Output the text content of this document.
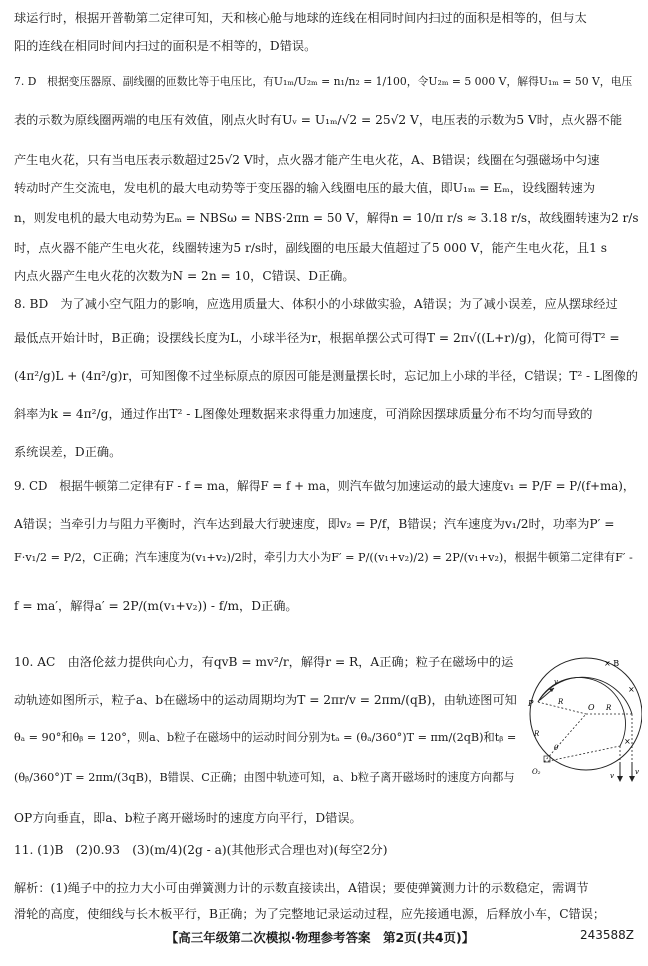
球运行时，根据开普勒第二定律可知，天和核心舱与地球的连线在相同时间内扫过的面积是相等的，但与太
阳的连线在相同时间内扫过的面积是不相等的，D错误。
7. D　根据变压器原、副线圈的匝数比等于电压比，有U₁ₘ/U₂ₘ = n₁/n₂ = 1/100，令U₂ₘ = 5 000 V，解得U₁ₘ = 50 V，电压
表的示数为原线圈两端的电压有效值，刚点火时有Uᵥ = U₁ₘ/√2 = 25√2 V，电压表的示数为5 V时，点火器不能
产生电火花，只有当电压表示数超过25√2 V时，点火器才能产生电火花，A、B错误；线圈在匀强磁场中匀速
转动时产生交流电，发电机的最大电动势等于变压器的输入线圈电压的最大值，即U₁ₘ = Eₘ，设线圈转速为
n，则发电机的最大电动势为Eₘ = NBSω = NBS·2πn = 50 V，解得n = 10/π r/s ≈ 3.18 r/s，故线圈转速为2 r/s
时，点火器不能产生电火花，线圈转速为5 r/s时，副线圈的电压最大值超过了5 000 V，能产生电火花，且1 s
内点火器产生电火花的次数为N = 2n = 10，C错误、D正确。
8. BD　为了减小空气阻力的影响，应选用质量大、体积小的小球做实验，A错误；为了减小误差，应从摆球经过
最低点开始计时，B正确；设摆线长度为L，小球半径为r，根据单摆公式可得T = 2π√((L+r)/g)，化简可得T² =
(4π²/g)L + (4π²/g)r，可知图像不过坐标原点的原因可能是测量摆长时，忘记加上小球的半径，C错误；T² - L图像的
斜率为k = 4π²/g，通过作出T² - L图像处理数据来求得重力加速度，可消除因摆球质量分布不均匀而导致的
系统误差，D正确。
9. CD　根据牛顿第二定律有F - f = ma，解得F = f + ma，则汽车做匀加速运动的最大速度v₁ = P/F = P/(f+ma)，
A错误；当牵引力与阻力平衡时，汽车达到最大行驶速度，即v₂ = P/f，B错误；汽车速度为v₁/2时，功率为P′ =
F·v₁/2 = P/2，C正确；汽车速度为(v₁+v₂)/2时，牵引力大小为F′ = P/((v₁+v₂)/2) = 2P/(v₁+v₂)，根据牛顿第二定律有F′ -
f = ma′，解得a′ = 2P/(m(v₁+v₂)) - f/m，D正确。
10. AC　由洛伦兹力提供向心力，有qvB = mv²/r，解得r = R，A正确；粒子在磁场中的运
动轨迹如图所示，粒子a、b在磁场中的运动周期均为T = 2πr/v = 2πm/(qB)，由轨迹图可知
θₐ = 90°和θᵦ = 120°，则a、b粒子在磁场中的运动时间分别为tₐ = (θₐ/360°)T = πm/(2qB)和tᵦ =
(θᵦ/360°)T = 2πm/(3qB)，B错误、C正确；由图中轨迹可知，a、b粒子离开磁场时的速度方向都与
OP方向垂直，即a、b粒子离开磁场时的速度方向平行，D错误。
11. (1)B　(2)0.93　(3)(m/4)(2g - a)(其他形式合理也对)(每空2分)
解析：(1)绳子中的拉力大小可由弹簧测力计的示数直接读出，A错误；要使弹簧测力计的示数稳定，需调节
滑轮的高度，使细线与长木板平行，B正确；为了完整地记录运动过程，应先接通电源，后释放小车，C错误；
× B
×
×
O
P
O₂
R
R
R
θ
v
v
v
【高三年级第二次模拟·物理参考答案　第2页(共4页)】	243588Z
